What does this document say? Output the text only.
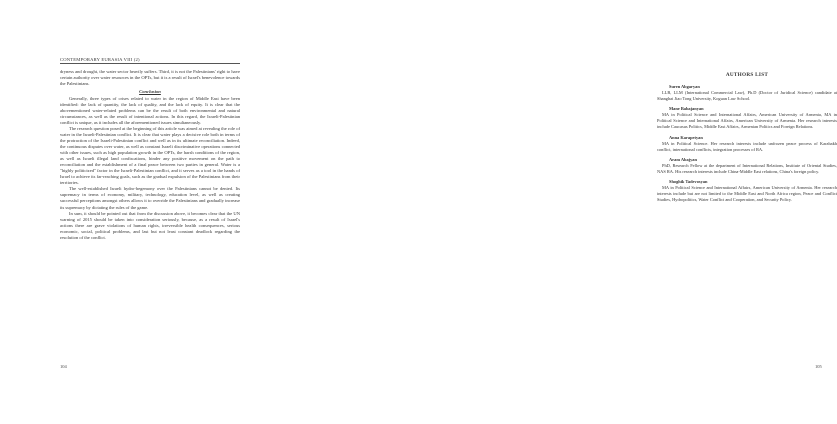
CONTEMPORARY EURASIA VIII (2)

dryness and drought, the water sector heavily suffers. Third, it is not the Palestinians' right to have certain authority over water resources in the OPTs, but it is a result of Israel's benevolence towards the Palestinians.

Conclusion

Generally, three types of crises related to water in the region of Middle East have been identified: the lack of quantity, the lack of quality, and the lack of equity. It is clear that the abovementioned water-related problems can be the result of both environmental and natural circumstances, as well as the result of intentional actions. In this regard, the Israeli-Palestinian conflict is unique, as it includes all the aforementioned issues simultaneously.

The research question posed at the beginning of this article was aimed at revealing the role of water in the Israeli-Palestinian conflict. It is clear that water plays a decisive role both in terms of the protraction of the Israeli-Palestinian conflict and well as in its ultimate reconciliation. Indeed, the continuous disputes over water, as well as constant Israeli discriminative operations connected with other issues, such as high population growth in the OPTs, the harsh conditions of the region, as well as Israeli illegal land confiscations, hinder any positive movement on the path to reconciliation and the establishment of a final peace between two parties in general. Water is a "highly politicized" factor in the Israeli-Palestinian conflict, and it serves as a tool in the hands of Israel to achieve its far-reaching goals, such as the gradual expulsion of the Palestinians from their territories.

The well-established Israeli hydro-hegemony over the Palestinians cannot be denied. Its supremacy in terms of economy, military, technology, education level, as well as creating successful perceptions amongst others allows it to override the Palestinians and gradually increase its supremacy by dictating the rules of the game.

In sum, it should be pointed out that from the discussion above, it becomes clear that the UN warning of 2015 should be taken into consideration seriously, because, as a result of Israel's actions there are grave violations of human rights, irreversible health consequences, serious economic, social, political problems, and last but not least constant deadlock regarding the resolution of the conflict.

104
AUTHORS LIST
Suren Abgaryan
LLB, LLM (International Commercial Law), Ph.D (Doctor of Juridical Science) candidate at Shanghai Jiao Tong University, Koguan Law School.
Mane Babajanyan
MA in Political Science and International Affairs, American University of Armenia, MA in Political Science and International Affairs, American University of Armenia. Her research interests include Caucasus Politics, Middle East Affairs, Armenian Politics and Foreign Relations.
Anna Karapetyan
MA in Political Science. Her research interests include unfrozen peace process of Karabakh conflict, international conflicts, integration processes of RA.
Aram Abajyan
PhD, Research Fellow at the department of International Relations, Institute of Oriental Studies, NAS RA. His research interests include China-Middle East relations, China's foreign policy.
Shoghik Tadevosyan
MA in Political Science and International Affairs, American University of Armenia. Her research interests include but are not limited to the Middle East and North Africa region, Peace and Conflict Studies, Hydropolitics, Water Conflict and Cooperation, and Security Policy.
105
